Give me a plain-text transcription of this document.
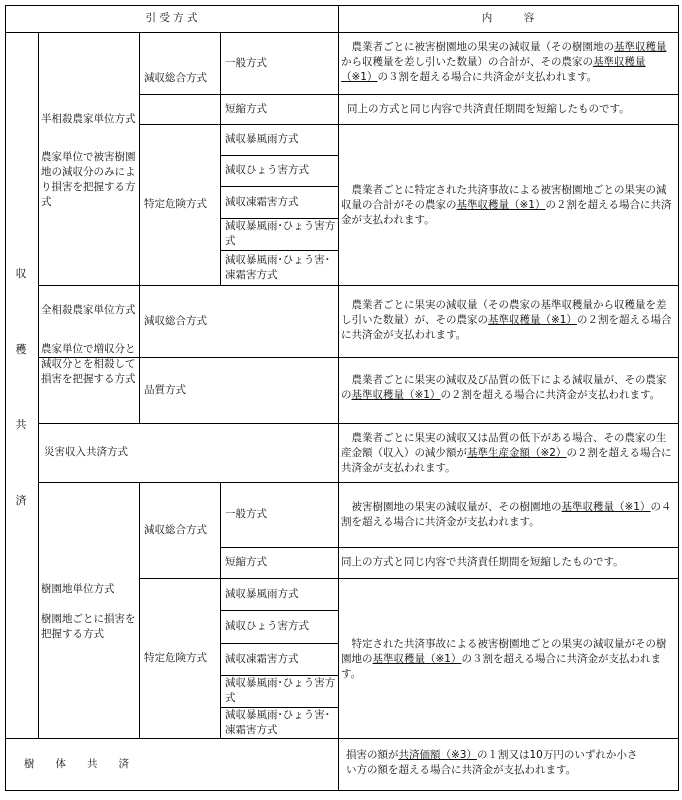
引 受 方 式	内　　　容
収
穫
共
済
半相殺農家単位方式
農家単位で被害樹園地の減収分のみにより損害を把握する方式
減収総合方式
一般方式
短縮方式
特定危険方式
減収暴風雨方式
減収ひょう害方式
減収凍霜害方式
減収暴風雨･ひょう害方式
減収暴風雨･ひょう害･凍霜害方式
全相殺農家単位方式
農家単位で増収分と減収分とを相殺して損害を把握する方式
減収総合方式
品質方式
災害収入共済方式
樹園地単位方式
樹園地ごとに損害を把握する方式
減収総合方式
一般方式
短縮方式
特定危険方式
減収暴風雨方式
減収ひょう害方式
減収凍霜害方式
減収暴風雨･ひょう害方式
減収暴風雨･ひょう害･凍霜害方式
樹　　体　　共　　済
　農業者ごとに被害樹園地の果実の減収量（その樹園地の基準収穫量から収穫量を差し引いた数量）の合計が、その農家の基準収穫量（※1）の３割を超える場合に共済金が支払われます。
同上の方式と同じ内容で共済責任期間を短縮したものです。
　農業者ごとに特定された共済事故による被害樹園地ごとの果実の減収量の合計がその農家の基準収穫量（※1）の２割を超える場合に共済金が支払われます。
　農業者ごとに果実の減収量（その農家の基準収穫量から収穫量を差し引いた数量）が、その農家の基準収穫量（※1）の２割を超える場合に共済金が支払われます。
　農業者ごとに果実の減収及び品質の低下による減収量が、その農家の基準収穫量（※1）の２割を超える場合に共済金が支払われます。
　農業者ごとに果実の減収又は品質の低下がある場合、その農家の生産金額（収入）の減少額が基準生産金額（※2）の２割を超える場合に共済金が支払われます。
　被害樹園地の果実の減収量が、その樹園地の基準収穫量（※1）の４割を超える場合に共済金が支払われます。
同上の方式と同じ内容で共済責任期間を短縮したものです。
　特定された共済事故による被害樹園地ごとの果実の減収量がその樹園地の基準収穫量（※1）の３割を超える場合に共済金が支払われます。
損害の額が共済価額（※3）の１割又は10万円のいずれか小さい方の額を超える場合に共済金が支払われます。
